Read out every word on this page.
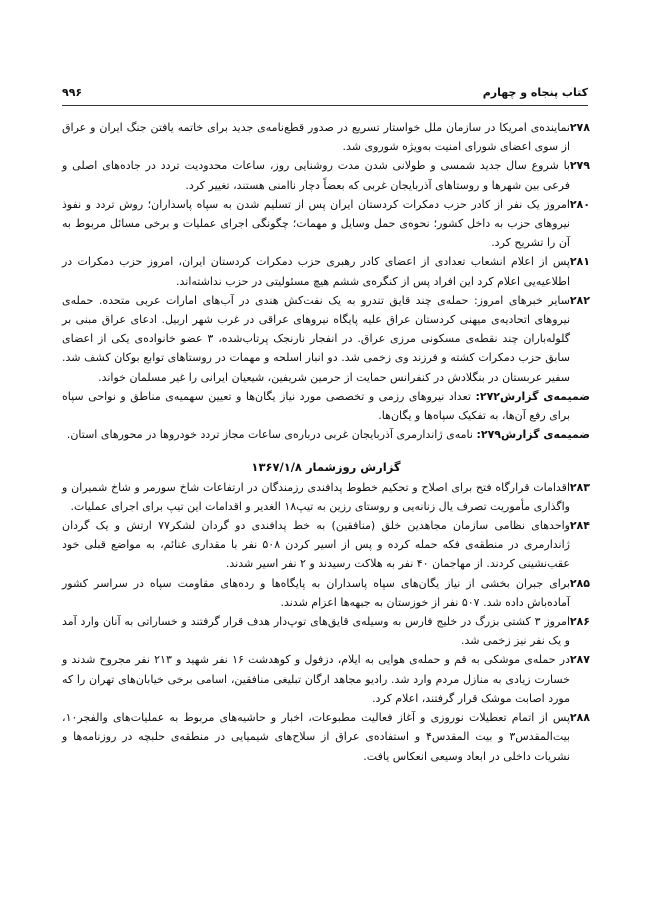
کتاب پنجاه و چهارم
۹۹۶
۲۷۸
نماینده‌ی امریکا در سازمان ملل خواستار تسریع در صدور قطع‌نامه‌ی جدید برای خاتمه یافتن جنگ ایران و عراق از سوی اعضای شورای امنیت به‌ویژه شوروی شد.
۲۷۹
با شروع سال جدید شمسی و طولانی شدن مدت روشنایی روز، ساعات محدودیت تردد در جاده‌های اصلی و فرعی بین شهرها و روستاهای آذربایجان غربی که بعضاً دچار ناامنی هستند، تغییر کرد.
۲۸۰
امروز یک نفر از کادر حزب دمکرات کردستان ایران پس از تسلیم شدن به سپاه پاسداران؛ روش تردد و نفوذ نیروهای حزب به داخل کشور؛ نحوه‌ی حمل وسایل و مهمات؛ چگونگی اجرای عملیات و برخی مسائل مربوط به آن را تشریح کرد.
۲۸۱
پس از اعلام انشعاب تعدادی از اعضای کادر رهبری حزب دمکرات کردستان ایران، امروز حزب دمکرات در اطلاعیه‌یی اعلام کرد این افراد پس از کنگره‌ی ششم هیچ مسئولیتی در حزب نداشته‌اند.
۲۸۲
سایر خبرهای امروز: حمله‌ی چند قایق تندرو به یک نفت‌کش هندی در آب‌های امارات عربی متحده. حمله‌ی نیروهای اتحادیه‌ی میهنی کردستان عراق علیه پایگاه نیروهای عراقی در غرب شهر اربیل. ادعای عراق مبنی بر گلوله‌باران چند نقطه‌ی مسکونی مرزی عراق. در انفجار نارنجک پرتاب‌شده، ۳ عضو خانواده‌ی یکی از اعضای سابق حزب دمکرات کشته و فرزند وی زخمی شد. دو انبار اسلحه و مهمات در روستاهای توابع بوکان کشف شد. سفیر عربستان در بنگلادش در کنفرانس حمایت از حرمین شریفین، شیعیان ایرانی را غیر مسلمان خواند.
ضمیمه‌ی گزارش۲۷۲: تعداد نیروهای رزمی و تخصصی مورد نیاز یگان‌ها و تعیین سهمیه‌ی مناطق و نواحی سپاه برای رفع آن‌ها، به تفکیک سپاه‌ها و یگان‌ها.
ضمیمه‌ی گزارش۲۷۹: نامه‌ی ژاندارمری آذربایجان غربی درباره‌ی ساعات مجاز تردد خودروها در محورهای استان.
گزارش روزشمار ۱۳۶۷/۱/۸
۲۸۳
اقدامات قرارگاه فتح برای اصلاح و تحکیم خطوط پدافندی رزمندگان در ارتفاعات شاخ سورمر و شاخ شمیران و واگذاری مأموریت تصرف یال زنانه‌یی و روستای رزین به تیپ۱۸ الغدیر و اقدامات این تیپ برای اجرای عملیات.
۲۸۴
واحدهای نظامی سازمان مجاهدین خلق (منافقین) به خط پدافندی دو گردان لشکر۷۷ ارتش و یک گردان ژاندارمری در منطقه‌ی فکه حمله کرده و پس از اسیر کردن ۵۰۸ نفر با مقداری غنائم، به مواضع قبلی خود عقب‌نشینی کردند. از مهاجمان ۴۰ نفر به هلاکت رسیدند و ۲ نفر اسیر شدند.
۲۸۵
برای جبران بخشی از نیاز یگان‌های سپاه پاسداران به پایگاه‌ها و رده‌های مقاومت سپاه در سراسر کشور آماده‌باش داده شد. ۵۰۷ نفر از خوزستان به جبهه‌ها اعزام شدند.
۲۸۶
امروز ۳ کشتی بزرگ در خلیج فارس به وسیله‌ی قایق‌های توپ‌دار هدف قرار گرفتند و خساراتی به آنان وارد آمد و یک نفر نیز زخمی شد.
۲۸۷
در حمله‌ی موشکی به قم و حمله‌ی هوایی به ایلام، دزفول و کوهدشت ۱۶ نفر شهید و ۲۱۳ نفر مجروح شدند و خسارت زیادی به منازل مردم وارد شد. رادیو مجاهد ارگان تبلیغی منافقین، اسامی برخی خیابان‌های تهران را که مورد اصابت موشک قرار گرفتند، اعلام کرد.
۲۸۸
پس از اتمام تعطیلات نوروزی و آغاز فعالیت مطبوعات، اخبار و حاشیه‌های مربوط به عملیات‌های والفجر۱۰، بیت‌المقدس۳ و بیت المقدس۴ و استفاده‌ی عراق از سلاح‌های شیمیایی در منطقه‌ی حلبچه در روزنامه‌ها و نشریات داخلی در ابعاد وسیعی انعکاس یافت.
